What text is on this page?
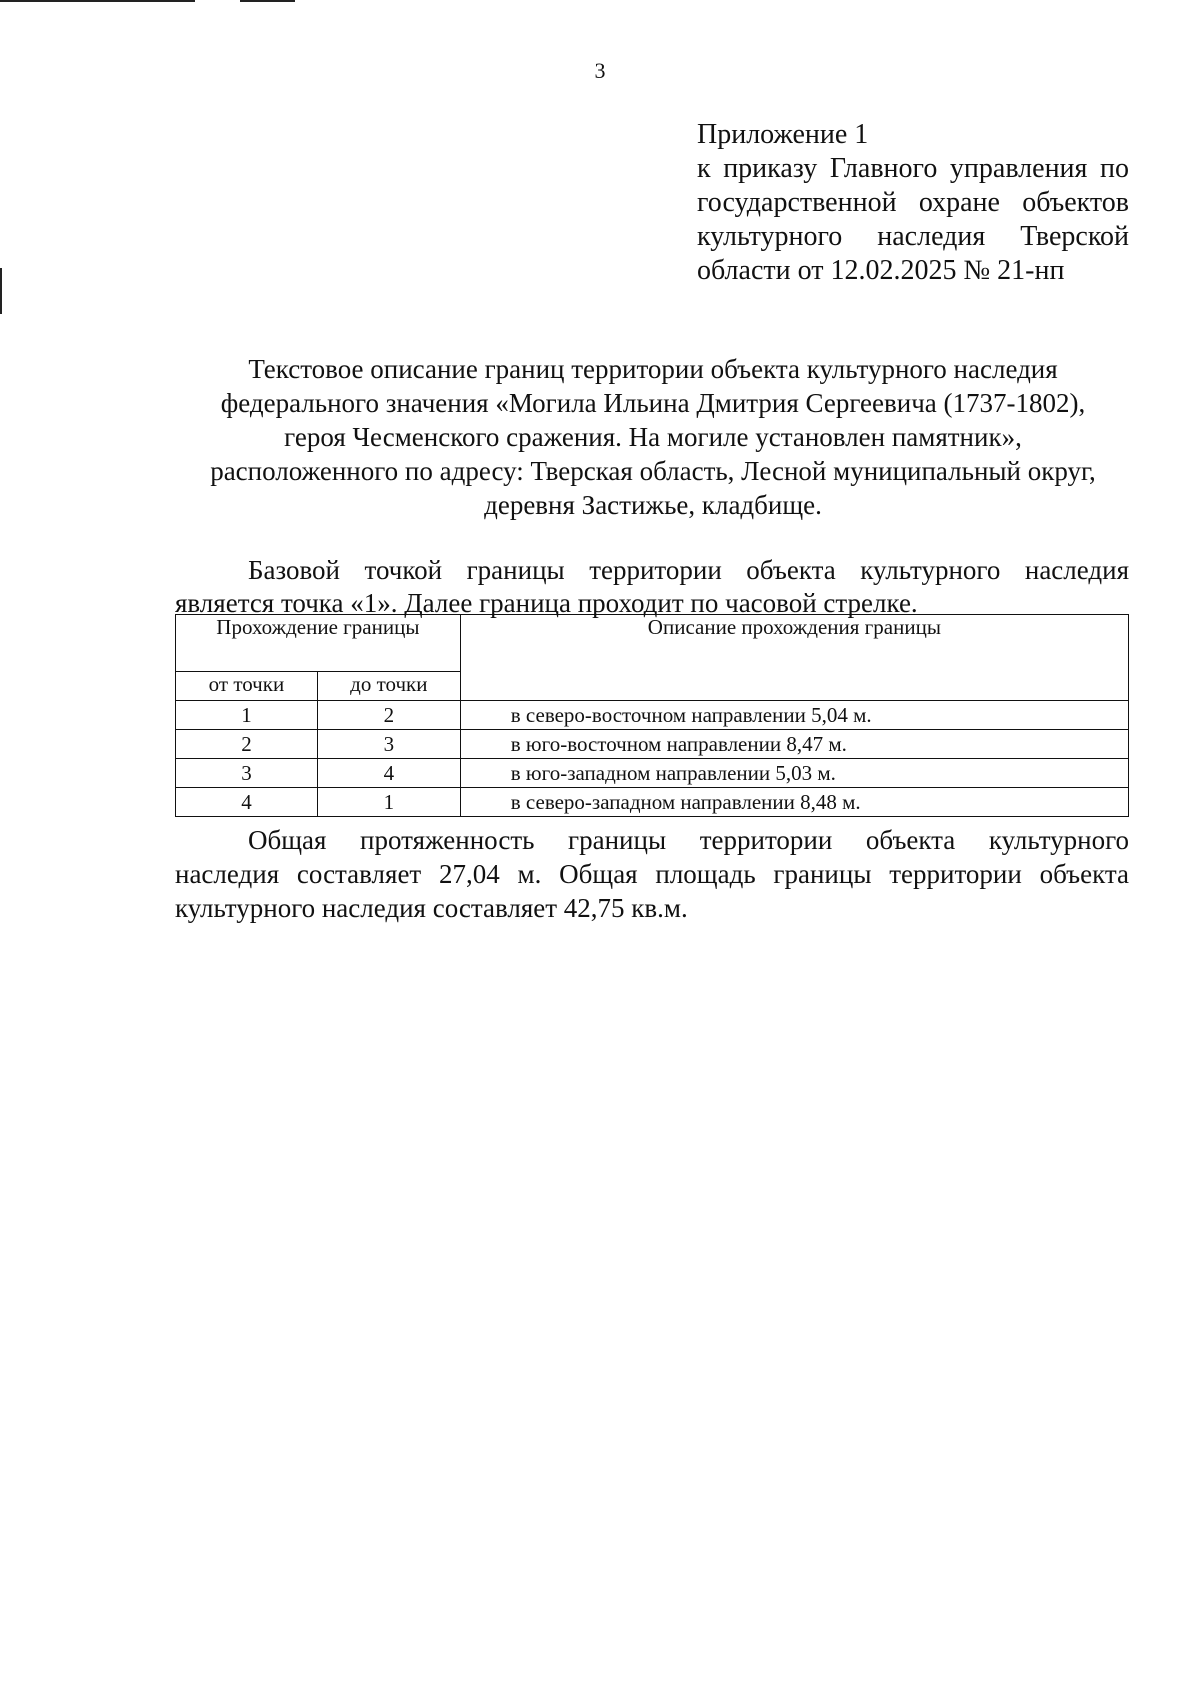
3
Приложение 1
к приказу Главного управления по
государственной охране объектов
культурного наследия Тверской
области от 12.02.2025 № 21-нп
Текстовое описание границ территории объекта культурного наследия
федерального значения «Могила Ильина Дмитрия Сергеевича (1737-1802),
героя Чесменского сражения. На могиле установлен памятник»,
расположенного по адресу: Тверская область, Лесной муниципальный округ,
деревня Застижье, кладбище.
Базовой точкой границы территории объекта культурного наследия
является точка «1». Далее граница проходит по часовой стрелке.
Прохождение границы		Описание прохождения границы
от точки	до точки	
1	2	в северо-восточном направлении 5,04 м.
2	3	в юго-восточном направлении 8,47 м.
3	4	в юго-западном направлении 5,03 м.
4	1	в северо-западном направлении 8,48 м.
Общая протяженность границы территории объекта культурного
наследия составляет 27,04 м. Общая площадь границы территории объекта
культурного наследия составляет 42,75 кв.м.
